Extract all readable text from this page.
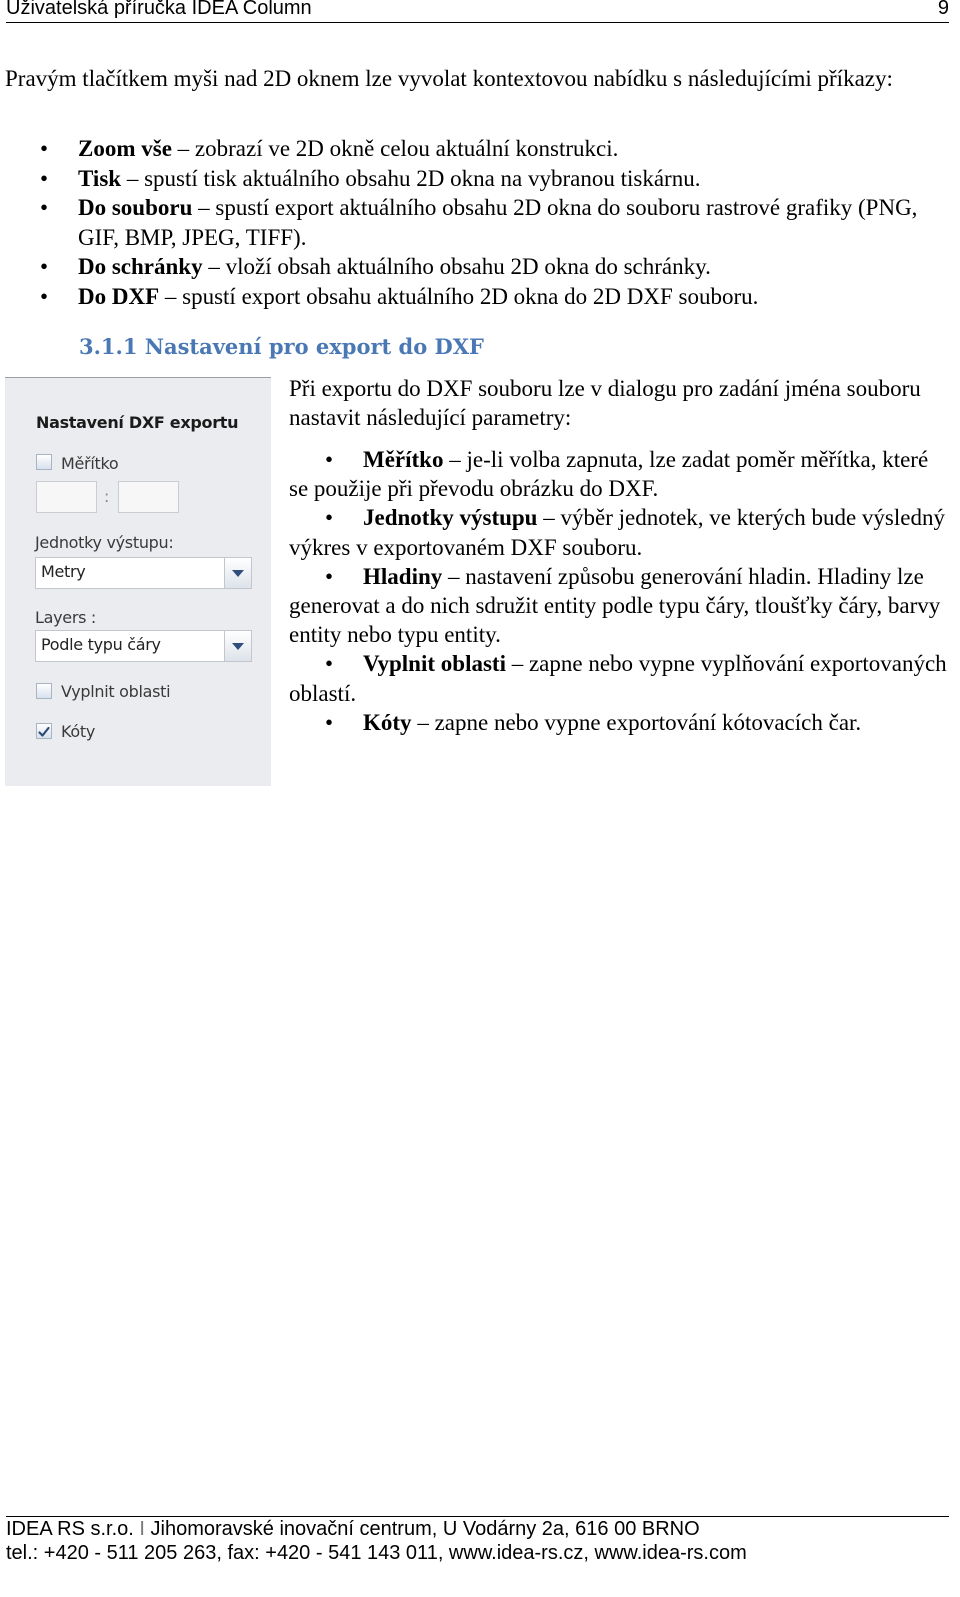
Uživatelská příručka IDEA Column	9

Pravým tlačítkem myši nad 2D oknem lze vyvolat kontextovou nabídku s následujícími příkazy:

• Zoom vše – zobrazí ve 2D okně celou aktuální konstrukci.
• Tisk – spustí tisk aktuálního obsahu 2D okna na vybranou tiskárnu.
• Do souboru – spustí export aktuálního obsahu 2D okna do souboru rastrové grafiky (PNG, GIF, BMP, JPEG, TIFF).
• Do schránky – vloží obsah aktuálního obsahu 2D okna do schránky.
• Do DXF – spustí export obsahu aktuálního 2D okna do 2D DXF souboru.
3.1.1 Nastavení pro export do DXF
Nastavení DXF exportu
Měřítko
:
Jednotky výstupu:
Metry
Layers :
Podle typu čáry
Vyplnit oblasti
Kóty

Při exportu do DXF souboru lze v dialogu pro zadání jména souboru nastavit následující parametry:

• Měřítko – je-li volba zapnuta, lze zadat poměr měřítka, které se použije při převodu obrázku do DXF.
• Jednotky výstupu – výběr jednotek, ve kterých bude výsledný výkres v exportovaném DXF souboru.
• Hladiny – nastavení způsobu generování hladin. Hladiny lze generovat a do nich sdružit entity podle typu čáry, tloušťky čáry, barvy entity nebo typu entity.
• Vyplnit oblasti – zapne nebo vypne vyplňování exportovaných oblastí.
• Kóty – zapne nebo vypne exportování kótovacích čar.
IDEA RS s.r.o. I Jihomoravské inovační centrum, U Vodárny 2a, 616 00 BRNO
tel.: +420 - 511 205 263, fax: +420 - 541 143 011, www.idea-rs.cz, www.idea-rs.com
